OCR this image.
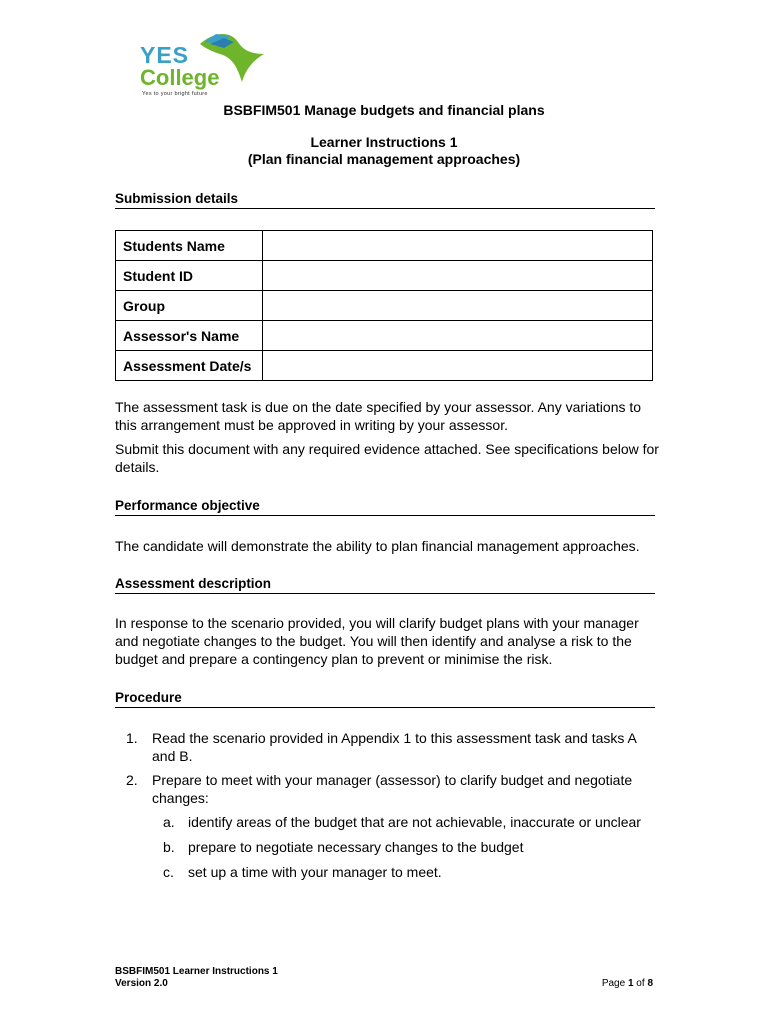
YES
College
Yes to your bright future
BSBFIM501 Manage budgets and financial plans
Learner Instructions 1
(Plan financial management approaches)
Submission details
Students Name	
Student ID	
Group	
Assessor's Name	
Assessment Date/s	
The assessment task is due on the date specified by your assessor. Any variations to this arrangement must be approved in writing by your assessor.
Submit this document with any required evidence attached. See specifications below for details.
Performance objective
The candidate will demonstrate the ability to plan financial management approaches.
Assessment description
In response to the scenario provided, you will clarify budget plans with your manager and negotiate changes to the budget. You will then identify and analyse a risk to the budget and prepare a contingency plan to prevent or minimise the risk.
Procedure
1. Read the scenario provided in Appendix 1 to this assessment task and tasks A and B.
2. Prepare to meet with your manager (assessor) to clarify budget and negotiate changes:
a. identify areas of the budget that are not achievable, inaccurate or unclear
b. prepare to negotiate necessary changes to the budget
c. set up a time with your manager to meet.
BSBFIM501 Learner Instructions 1
Version 2.0	Page 1 of 8
